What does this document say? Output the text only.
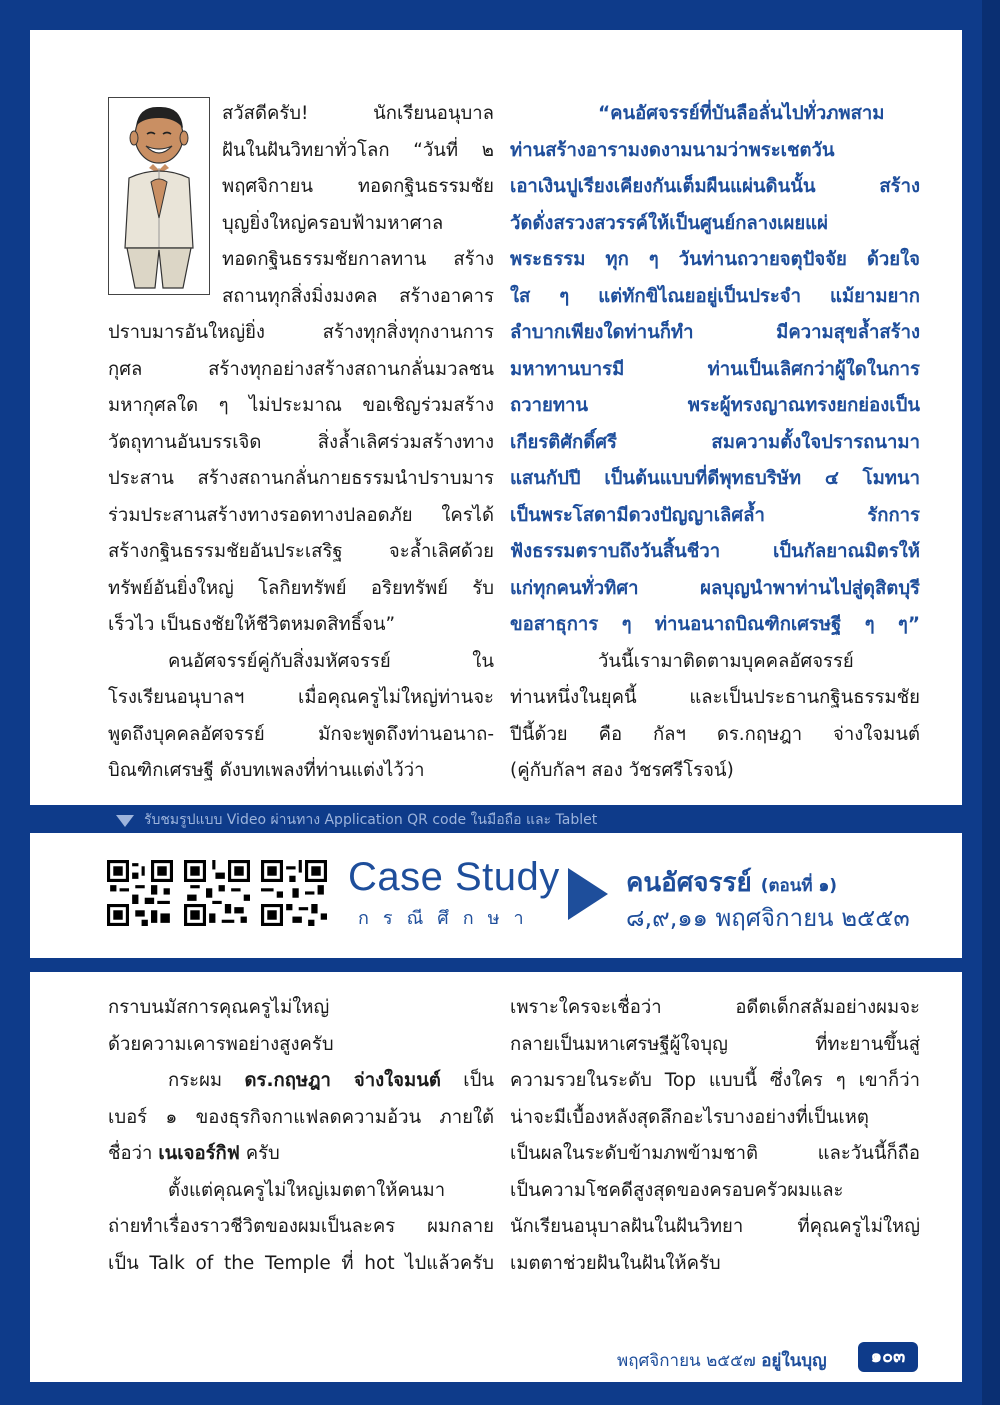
สวัสดีครับ! นักเรียนอนุบาล
ฝันในฝันวิทยาทั่วโลก “วันที่ ๒
พฤศจิกายน ทอดกฐินธรรมชัย
บุญยิ่งใหญ่ครอบฟ้ามหาศาล
ทอดกฐินธรรมชัยกาลทาน สร้าง
สถานทุกสิ่งมิ่งมงคล สร้างอาคาร
ปราบมารอันใหญ่ยิ่ง สร้างทุกสิ่งทุกงานการ
กุศล สร้างทุกอย่างสร้างสถานกลั่นมวลชน
มหากุศลใด ๆ ไม่ประมาณ ขอเชิญร่วมสร้าง
วัตถุทานอันบรรเจิด สิ่งล้ำเลิศร่วมสร้างทาง
ประสาน สร้างสถานกลั่นกายธรรมนำปราบมาร
ร่วมประสานสร้างทางรอดทางปลอดภัย ใครได้
สร้างกฐินธรรมชัยอันประเสริฐ จะล้ำเลิศด้วย
ทรัพย์อันยิ่งใหญ่ โลกิยทรัพย์ อริยทรัพย์ รับ
เร็วไว เป็นธงชัยให้ชีวิตหมดสิทธิ์จน”
คนอัศจรรย์คู่กับสิ่งมหัศจรรย์ ใน
โรงเรียนอนุบาลฯ เมื่อคุณครูไม่ใหญ่ท่านจะ
พูดถึงบุคคลอัศจรรย์ มักจะพูดถึงท่านอนาถ-
บิณฑิกเศรษฐี ดังบทเพลงที่ท่านแต่งไว้ว่า
“คนอัศจรรย์ที่บันลือลั่นไปทั่วภพสาม
ท่านสร้างอารามงดงามนามว่าพระเชตวัน
เอาเงินปูเรียงเคียงกันเต็มผืนแผ่นดินนั้น สร้าง
วัดดั่งสรวงสวรรค์ให้เป็นศูนย์กลางเผยแผ่
พระธรรม ทุก ๆ วันท่านถวายจตุปัจจัย ด้วยใจ
ใส ๆ แต่ทักขิไณยอยู่เป็นประจำ แม้ยามยาก
ลำบากเพียงใดท่านก็ทำ มีความสุขล้ำสร้าง
มหาทานบารมี ท่านเป็นเลิศกว่าผู้ใดในการ
ถวายทาน พระผู้ทรงญาณทรงยกย่องเป็น
เกียรติศักดิ์ศรี สมความตั้งใจปรารถนามา
แสนกัปปี เป็นต้นแบบที่ดีพุทธบริษัท ๔ โมทนา
เป็นพระโสดามีดวงปัญญาเลิศล้ำ รักการ
ฟังธรรมตราบถึงวันสิ้นชีวา เป็นกัลยาณมิตรให้
แก่ทุกคนทั่วทิศา ผลบุญนำพาท่านไปสู่ดุสิตบุรี
ขอสาธุการ ๆ ท่านอนาถบิณฑิกเศรษฐี ๆ ๆ”
วันนี้เรามาติดตามบุคคลอัศจรรย์
ท่านหนึ่งในยุคนี้ และเป็นประธานกฐินธรรมชัย
ปีนี้ด้วย คือ กัลฯ ดร.กฤษฎา จ่างใจมนต์
(คู่กับกัลฯ สอง วัชรศรีโรจน์)
รับชมรูปแบบ Video ผ่านทาง Application QR code ในมือถือ และ Tablet
Case Study
กรณีศึกษา
คนอัศจรรย์ (ตอนที่ ๑)
๘,๙,๑๑ พฤศจิกายน ๒๕๕๓
กราบนมัสการคุณครูไม่ใหญ่
ด้วยความเคารพอย่างสูงครับ
กระผม ดร.กฤษฎา จ่างใจมนต์ เป็น
เบอร์ ๑ ของธุรกิจกาแฟลดความอ้วน ภายใต้
ชื่อว่า เนเจอร์กิฟ ครับ
ตั้งแต่คุณครูไม่ใหญ่เมตตาให้คนมา
ถ่ายทำเรื่องราวชีวิตของผมเป็นละคร ผมกลาย
เป็น Talk of the Temple ที่ hot ไปแล้วครับ
เพราะใครจะเชื่อว่า อดีตเด็กสลัมอย่างผมจะ
กลายเป็นมหาเศรษฐีผู้ใจบุญ ที่ทะยานขึ้นสู่
ความรวยในระดับ Top แบบนี้ ซึ่งใคร ๆ เขาก็ว่า
น่าจะมีเบื้องหลังสุดลึกอะไรบางอย่างที่เป็นเหตุ
เป็นผลในระดับข้ามภพข้ามชาติ และวันนี้ก็ถือ
เป็นความโชคดีสูงสุดของครอบครัวผมและ
นักเรียนอนุบาลฝันในฝันวิทยา ที่คุณครูไม่ใหญ่
เมตตาช่วยฝันในฝันให้ครับ
พฤศจิกายน ๒๕๕๗ อยู่ในบุญ	๑๐๓
